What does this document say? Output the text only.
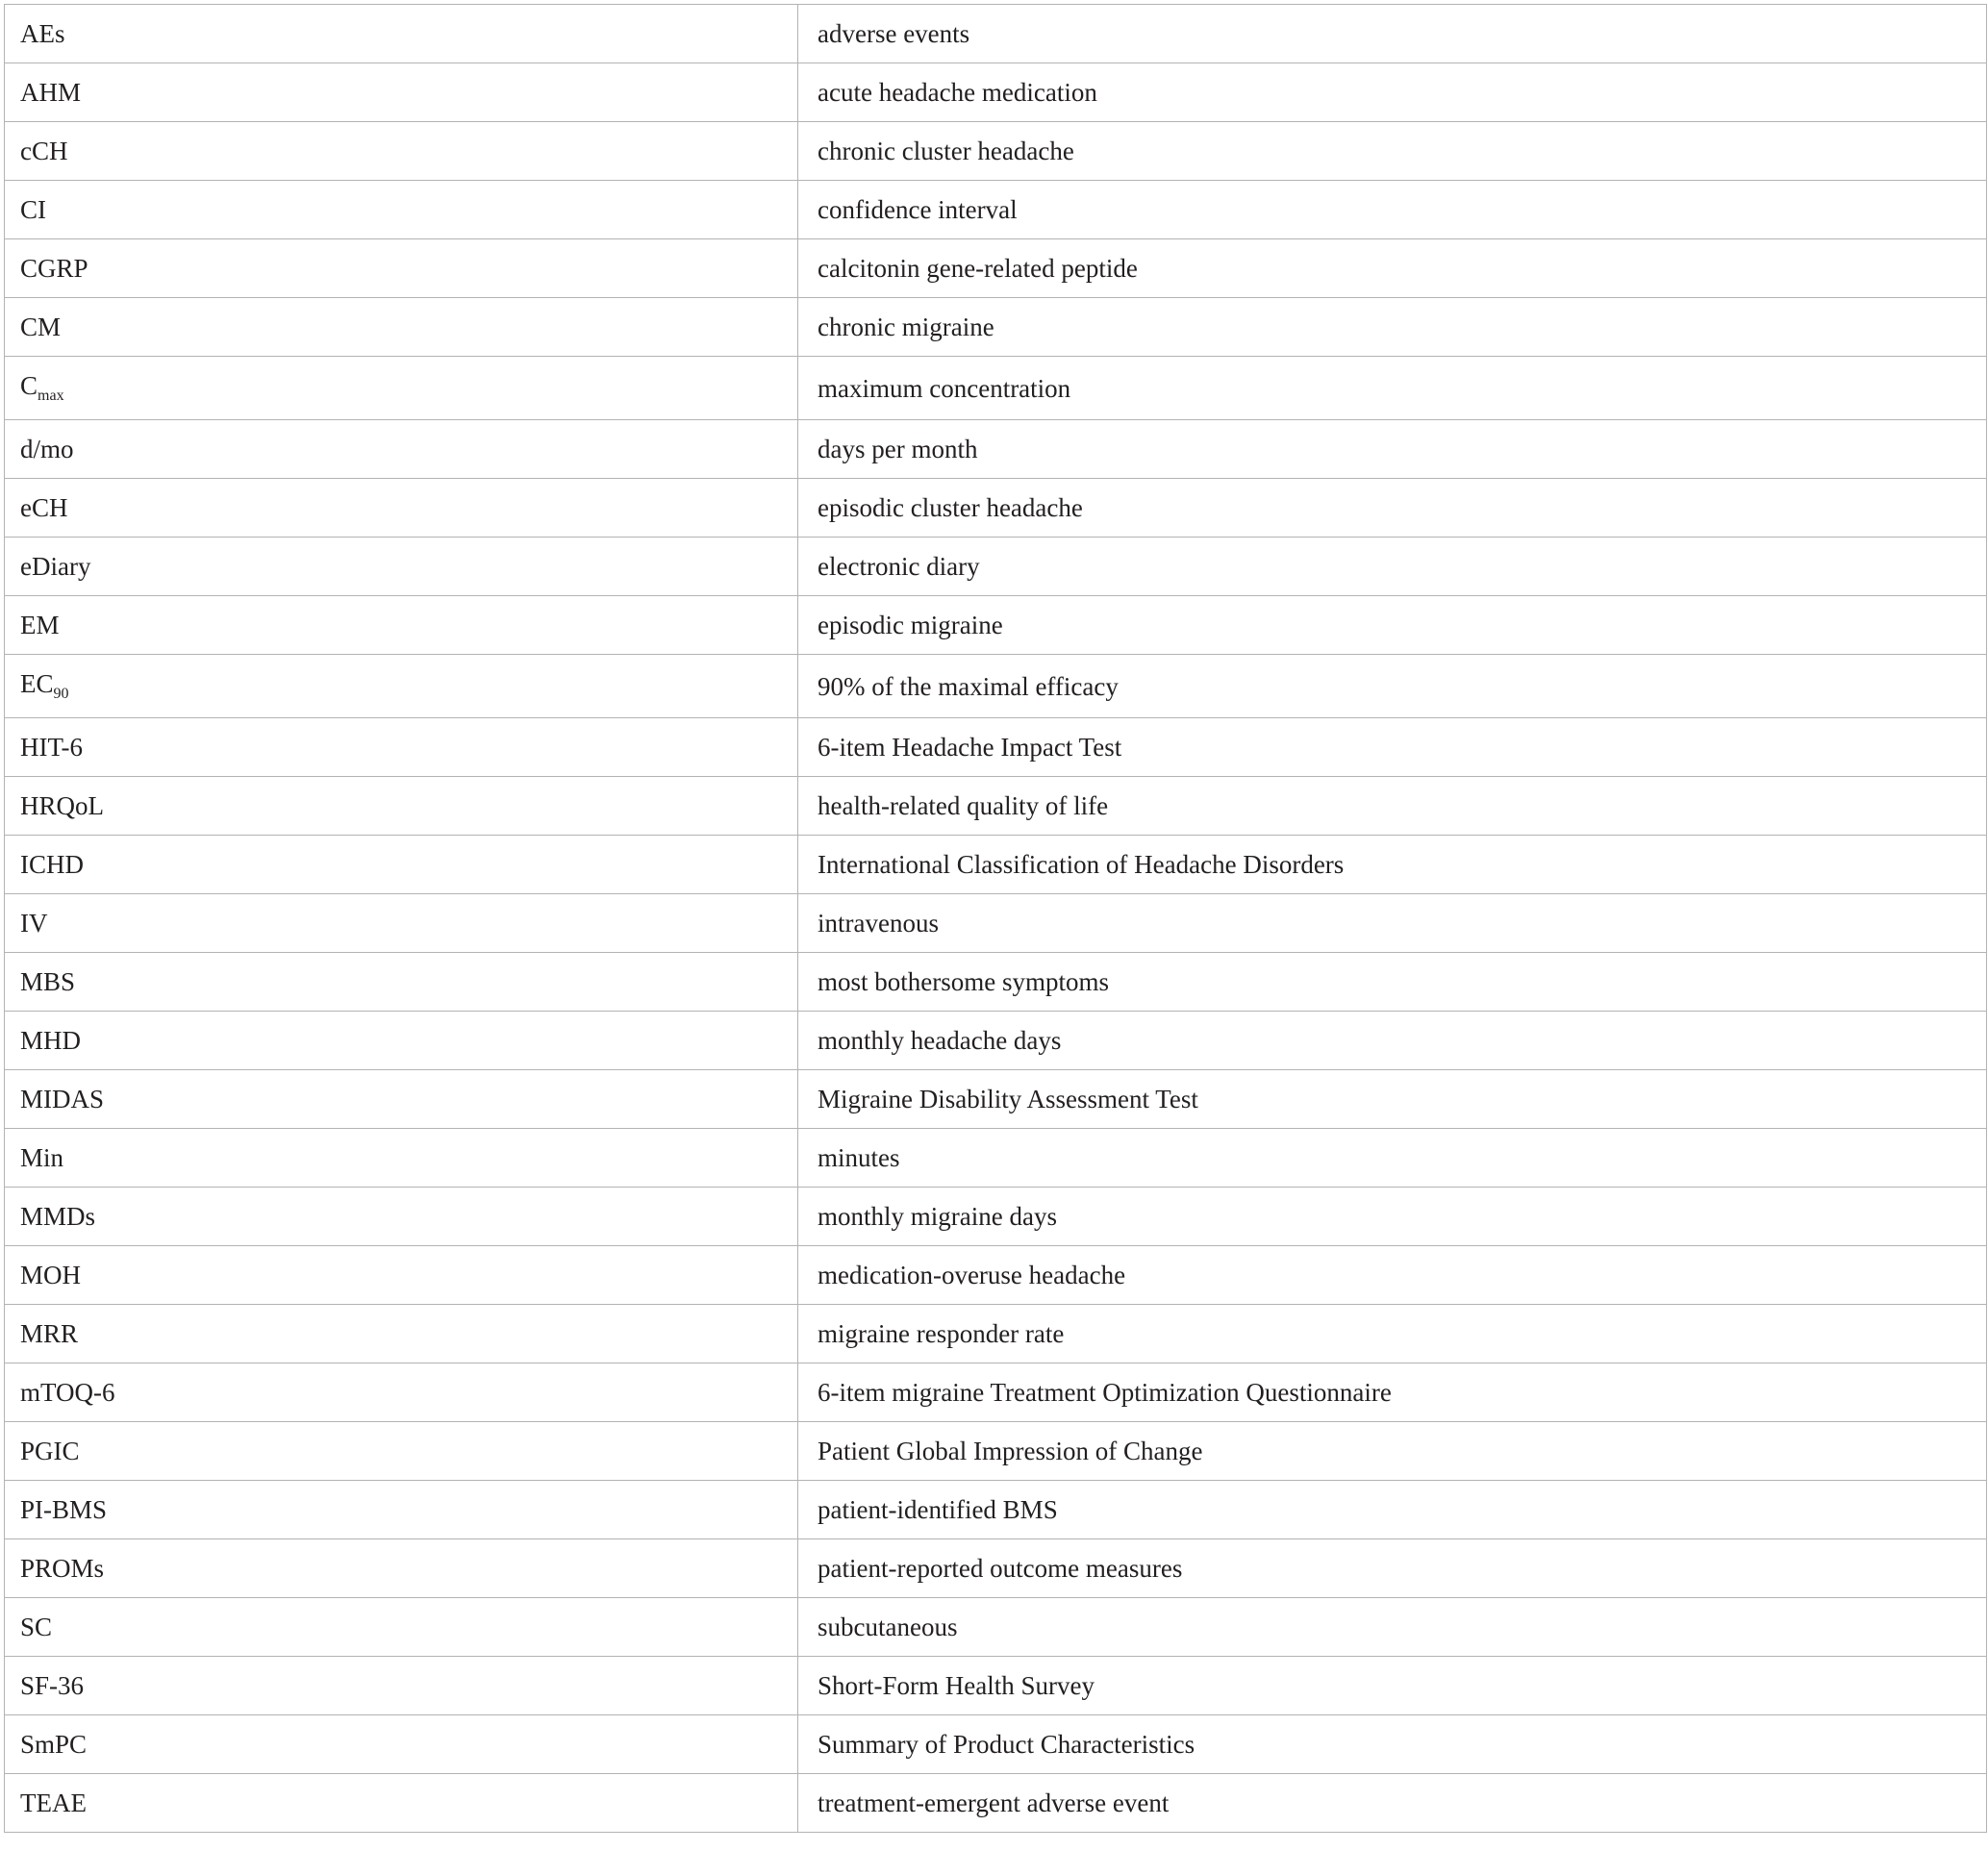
AEs	adverse events
AHM	acute headache medication
cCH	chronic cluster headache
CI	confidence interval
CGRP	calcitonin gene-related peptide
CM	chronic migraine
$C_{max}$	maximum concentration
d/mo	days per month
eCH	episodic cluster headache
eDiary	electronic diary
EM	episodic migraine
$EC_{90}$	90% of the maximal efficacy
HIT-6	6-item Headache Impact Test
HRQoL	health-related quality of life
ICHD	International Classification of Headache Disorders
IV	intravenous
MBS	most bothersome symptoms
MHD	monthly headache days
MIDAS	Migraine Disability Assessment Test
Min	minutes
MMDs	monthly migraine days
MOH	medication-overuse headache
MRR	migraine responder rate
mTOQ-6	6-item migraine Treatment Optimization Questionnaire
PGIC	Patient Global Impression of Change
PI-BMS	patient-identified BMS
PROMs	patient-reported outcome measures
SC	subcutaneous
SF-36	Short-Form Health Survey
SmPC	Summary of Product Characteristics
TEAE	treatment-emergent adverse event
